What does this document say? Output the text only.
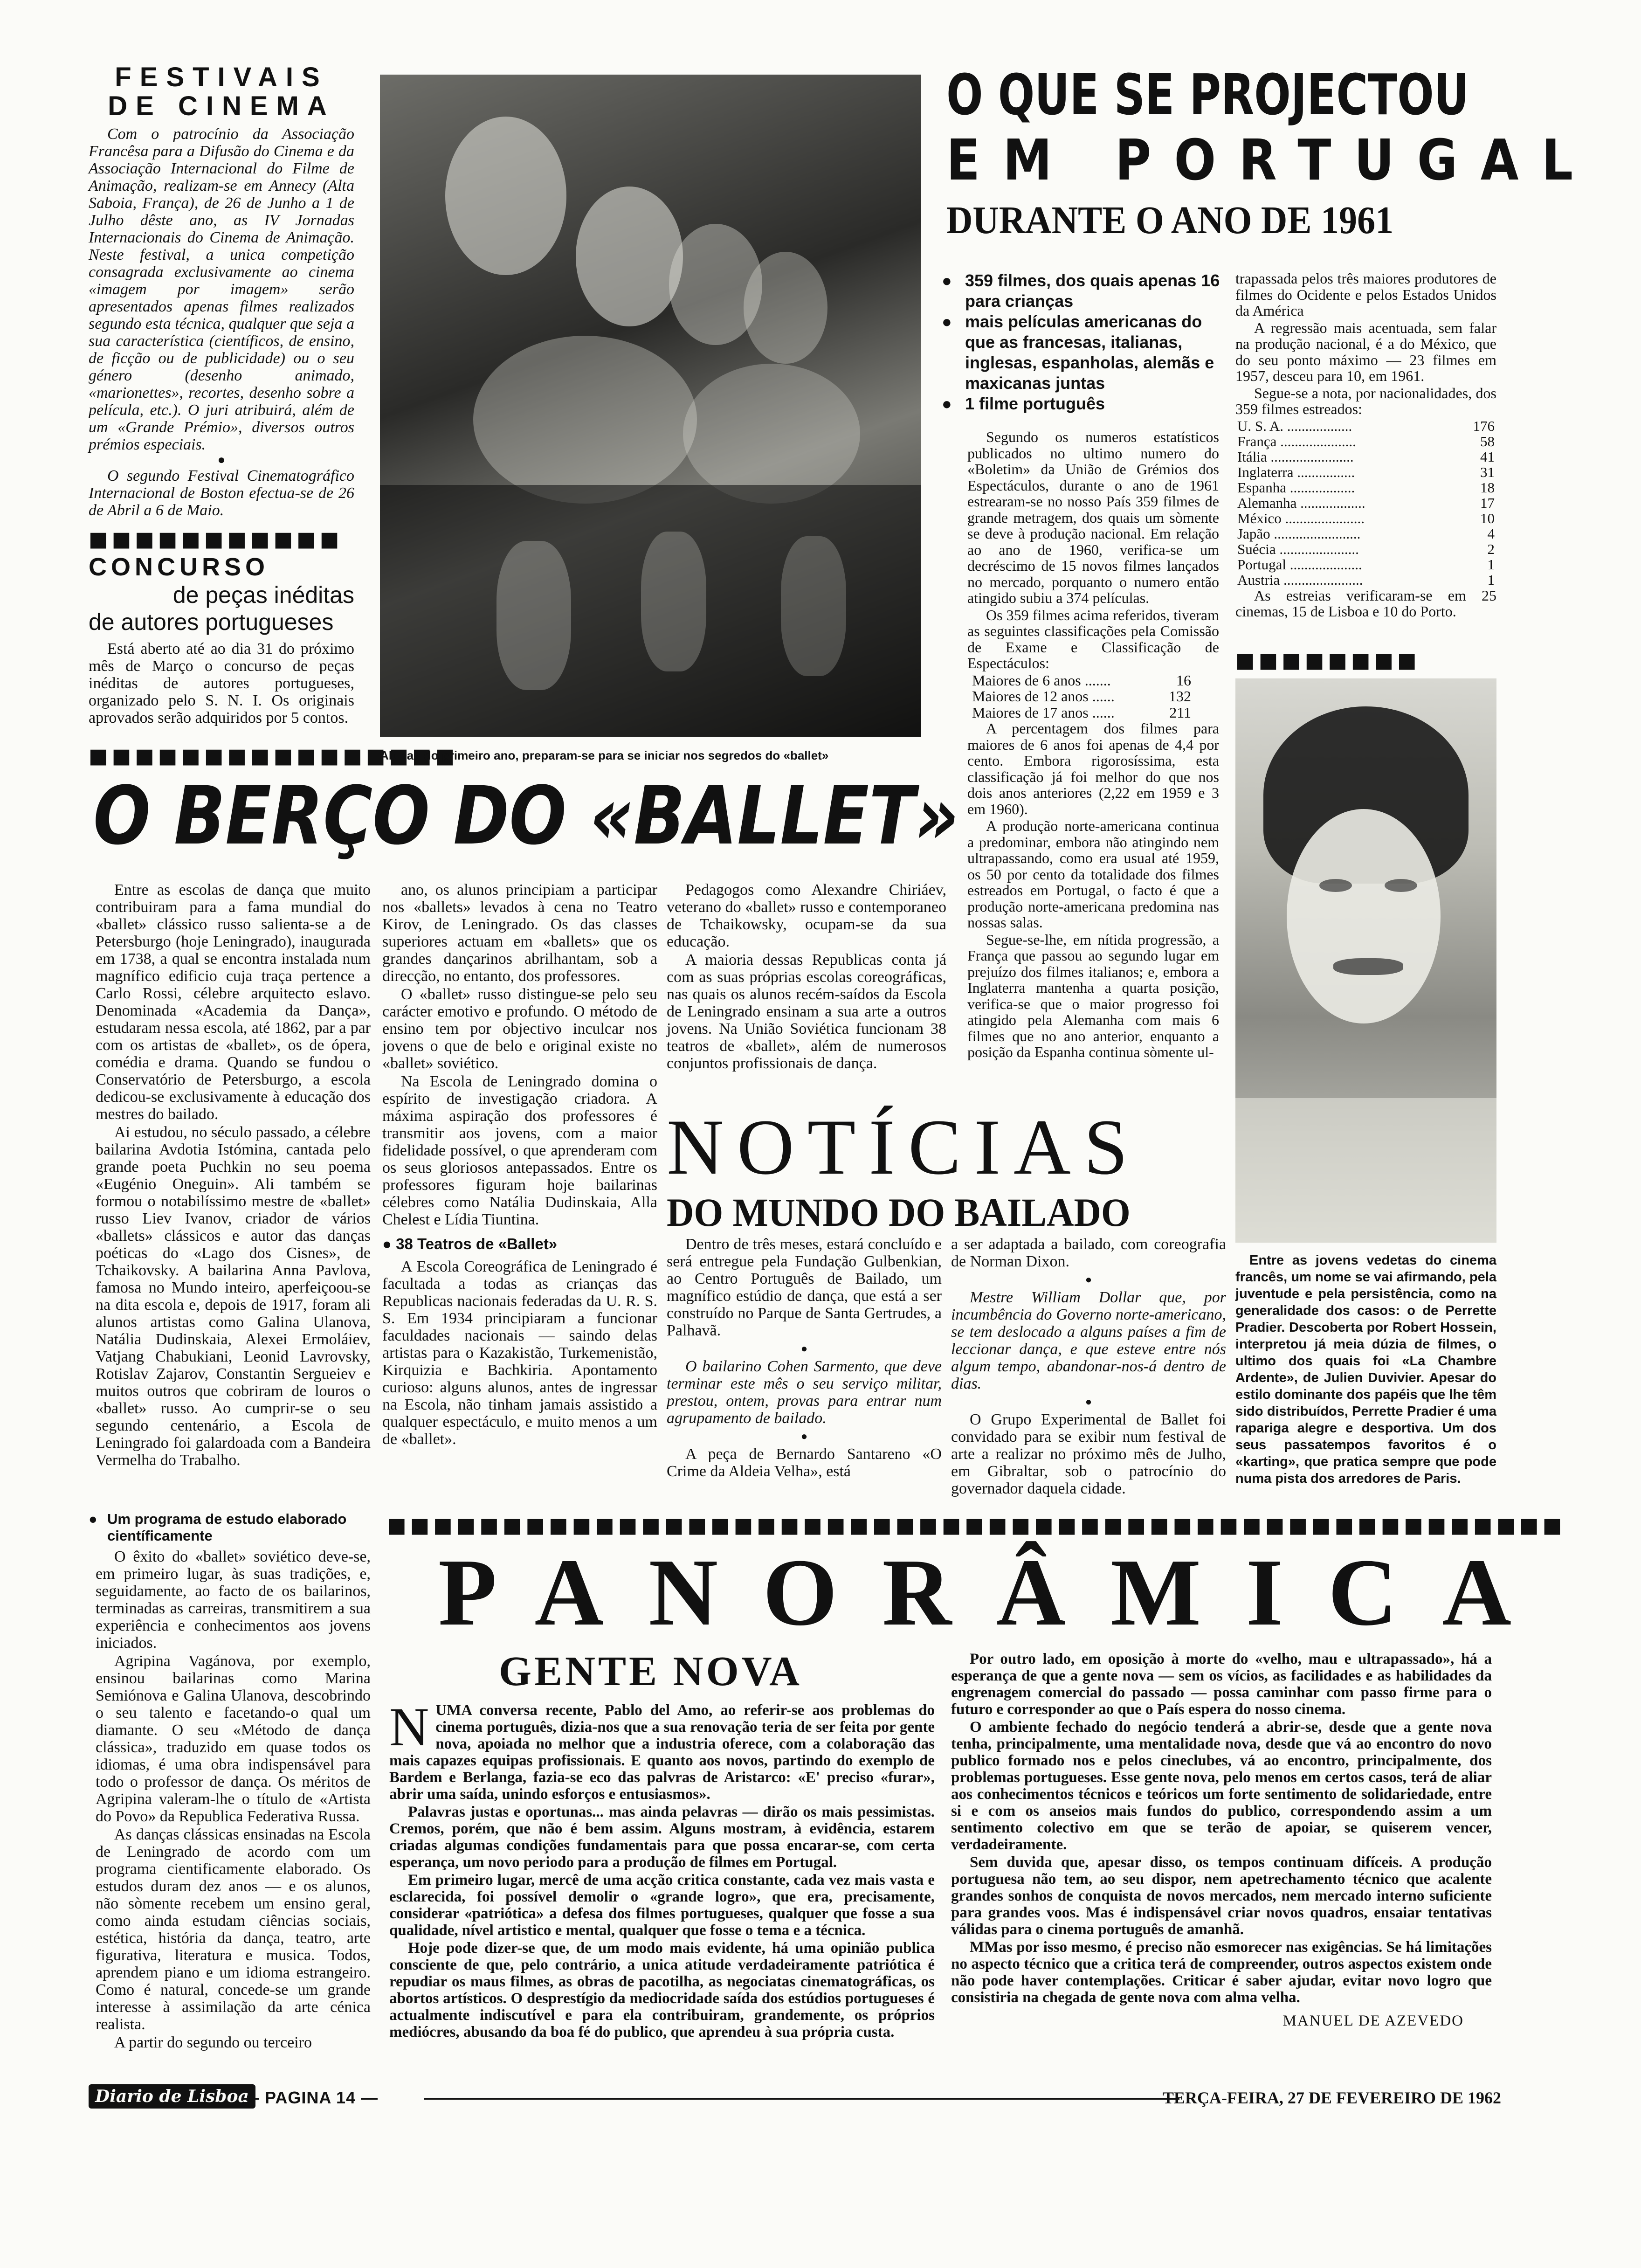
FESTIVAIS
DE CINEMA
Com o patrocínio da Associação Francêsa para a Difusão do Cinema e da Associação Internacional do Filme de Animação, realizam-se em Annecy (Alta Saboia, França), de 26 de Junho a 1 de Julho dêste ano, as IV Jornadas Internacionais do Cinema de Animação. Neste festival, a unica competição consagrada exclusivamente ao cinema «imagem por imagem» serão apresentados apenas filmes realizados segundo esta técnica, qualquer que seja a sua característica (científicos, de ensino, de ficção ou de publicidade) ou o seu género (desenho animado, «marionettes», recortes, desenho sobre a película, etc.). O juri atribuirá, além de um «Grande Prémio», diversos outros prémios especiais.
●
O segundo Festival Cinematográfico Internacional de Boston efectua-se de 26 de Abril a 6 de Maio.
■■■■■■■■■■■
CONCURSO
de peças inéditas
de autores portugueses
Está aberto até ao dia 31 do próximo mês de Março o concurso de peças inéditas de autores portugueses, organizado pelo S. N. I. Os originais aprovados serão adquiridos por 5 contos.
■■■■■■■■■■■■■■■■
Alunas do primeiro ano, preparam-se para se iniciar nos segredos do «ballet»
O BERÇO DO «BALLET»

Entre as escolas de dança que muito contribuiram para a fama mundial do «ballet» clássico russo salienta-se a de Petersburgo (hoje Leningrado), inaugurada em 1738, a qual se encontra instalada num magnífico edificio cuja traça pertence a Carlo Rossi, célebre arquitecto eslavo. Denominada «Academia da Dança», estudaram nessa escola, até 1862, par a par com os artistas de «ballet», os de ópera, comédia e drama. Quando se fundou o Conservatório de Petersburgo, a escola dedicou-se exclusivamente à educação dos mestres do bailado.

Ai estudou, no século passado, a célebre bailarina Avdotia Istómina, cantada pelo grande poeta Puchkin no seu poema «Eugénio Oneguin». Ali também se formou o notabilíssimo mestre de «ballet» russo Liev Ivanov, criador de vários «ballets» clássicos e autor das danças poéticas do «Lago dos Cisnes», de Tchaikovsky. A bailarina Anna Pavlova, famosa no Mundo inteiro, aperfeiçoou-se na dita escola e, depois de 1917, foram ali alunos artistas como Galina Ulanova, Natália Dudinskaia, Alexei Ermoláiev, Vatjang Chabukiani, Leonid Lavrovsky, Rotislav Zajarov, Constantin Sergueiev e muitos outros que cobriram de louros o «ballet» russo. Ao cumprir-se o seu segundo centenário, a Escola de Leningrado foi galardoada com a Bandeira Vermelha do Trabalho.

● Um programa de estudo elaborado científicamente

O êxito do «ballet» soviético deve-se, em primeiro lugar, às suas tradições, e, seguidamente, ao facto de os bailarinos, terminadas as carreiras, transmitirem a sua experiência e conhecimentos aos jovens iniciados.

Agripina Vagánova, por exemplo, ensinou bailarinas como Marina Semiónova e Galina Ulanova, descobrindo o seu talento e facetando-o qual um diamante. O seu «Método de dança clássica», traduzido em quase todos os idiomas, é uma obra indispensável para todo o professor de dança. Os méritos de Agripina valeram-lhe o título de «Artista do Povo» da Republica Federativa Russa.

As danças clássicas ensinadas na Escola de Leningrado de acordo com um programa cientificamente elaborado. Os estudos duram dez anos — e os alunos, não sòmente recebem um ensino geral, como ainda estudam ciências sociais, estética, história da dança, teatro, arte figurativa, literatura e musica. Todos, aprendem piano e um idioma estrangeiro. Como é natural, concede-se um grande interesse à assimilação da arte cénica realista.

A partir do segundo ou terceiro

ano, os alunos principiam a participar nos «ballets» levados à cena no Teatro Kirov, de Leningrado. Os das classes superiores actuam em «ballets» que os grandes dançarinos abrilhantam, sob a direcção, no entanto, dos professores.

O «ballet» russo distingue-se pelo seu carácter emotivo e profundo. O método de ensino tem por objectivo inculcar nos jovens o que de belo e original existe no «ballet» soviético.

Na Escola de Leningrado domina o espírito de investigação criadora. A máxima aspiração dos professores é transmitir aos jovens, com a maior fidelidade possível, o que aprenderam com os seus gloriosos antepassados. Entre os professores figuram hoje bailarinas célebres como Natália Dudinskaia, Alla Chelest e Lídia Tiuntina.

● 38 Teatros de «Ballet»

A Escola Coreográfica de Leningrado é facultada a todas as crianças das Republicas nacionais federadas da U. R. S. S. Em 1934 principiaram a funcionar faculdades nacionais — saindo delas artistas para o Kazakistão, Turkemenistão, Kirquizia e Bachkiria. Apontamento curioso: alguns alunos, antes de ingressar na Escola, não tinham jamais assistido a qualquer espectáculo, e muito menos a um de «ballet».

Pedagogos como Alexandre Chiriáev, veterano do «ballet» russo e contemporaneo de Tchaikowsky, ocupam-se da sua educação.

A maioria dessas Republicas conta já com as suas próprias escolas coreográficas, nas quais os alunos recém-saídos da Escola de Leningrado ensinam a sua arte a outros jovens. Na União Soviética funcionam 38 teatros de «ballet», além de numerosos conjuntos profissionais de dança.

O QUE SE PROJECTOU
EM PORTUGAL
DURANTE O ANO DE 1961
● 359 filmes, dos quais apenas 16 para crianças
● mais películas americanas do que as francesas, italianas, inglesas, espanholas, alemãs e maxicanas juntas
● 1 filme português

Segundo os numeros estatísticos publicados no ultimo numero do «Boletim» da União de Grémios dos Espectáculos, durante o ano de 1961 estrearam-se no nosso País 359 filmes de grande metragem, dos quais um sòmente se deve à produção nacional. Em relação ao ano de 1960, verifica-se um decréscimo de 15 novos filmes lançados no mercado, porquanto o numero então atingido subiu a 374 películas.

Os 359 filmes acima referidos, tiveram as seguintes classificações pela Comissão de Exame e Classificação de Espectáculos:

Maiores de 6 anos .......	16
Maiores de 12 anos ......	132
Maiores de 17 anos ......	211

A percentagem dos filmes para maiores de 6 anos foi apenas de 4,4 por cento. Embora rigorosíssima, esta classificação já foi melhor do que nos dois anos anteriores (2,22 em 1959 e 3 em 1960).

A produção norte-americana continua a predominar, embora não atingindo nem ultrapassando, como era usual até 1959, os 50 por cento da totalidade dos filmes estreados em Portugal, o facto é que a produção norte-americana predomina nas nossas salas.

Segue-se-lhe, em nítida progressão, a França que passou ao segundo lugar em prejuízo dos filmes italianos; e, embora a Inglaterra mantenha a quarta posição, verifica-se que o maior progresso foi atingido pela Alemanha com mais 6 filmes que no ano anterior, enquanto a posição da Espanha continua sòmente ul-

trapassada pelos três maiores produtores de filmes do Ocidente e pelos Estados Unidos da América

A regressão mais acentuada, sem falar na produção nacional, é a do México, que do seu ponto máximo — 23 filmes em 1957, desceu para 10, em 1961.

Segue-se a nota, por nacionalidades, dos 359 filmes estreados:

U. S. A. ..................	176
França .....................	58
Itália .......................	41
Inglaterra ................	31
Espanha ..................	18
Alemanha ..................	17
México ......................	10
Japão ........................	4
Suécia ......................	2
Portugal ....................	1
Austria ......................	1

As estreias verificaram-se em 25 cinemas, 15 de Lisboa e 10 do Porto.

■■■■■■■■
Entre as jovens vedetas do cinema francês, um nome se vai afirmando, pela juventude e pela persistência, como na generalidade dos casos: o de Perrette Pradier. Descoberta por Robert Hossein, interpretou já meia dúzia de filmes, o ultimo dos quais foi «La Chambre Ardente», de Julien Duvivier. Apesar do estilo dominante dos papéis que lhe têm sido distribuídos, Perrette Pradier é uma rapariga alegre e desportiva. Um dos seus passatempos favoritos é o «karting», que pratica sempre que pode numa pista dos arredores de Paris.
NOTÍCIAS
DO MUNDO DO BAILADO

Dentro de três meses, estará concluído e será entregue pela Fundação Gulbenkian, ao Centro Português de Bailado, um magnífico estúdio de dança, que está a ser construído no Parque de Santa Gertrudes, a Palhavã.

●

O bailarino Cohen Sarmento, que deve terminar este mês o seu serviço militar, prestou, ontem, provas para entrar num agrupamento de bailado.

●

A peça de Bernardo Santareno «O Crime da Aldeia Velha», está

a ser adaptada a bailado, com coreografia de Norman Dixon.

●

Mestre William Dollar que, por incumbência do Governo norte-americano, se tem deslocado a alguns países a fim de leccionar dança, e que esteve entre nós algum tempo, abandonar-nos-á dentro de dias.

●

O Grupo Experimental de Ballet foi convidado para se exibir num festival de arte a realizar no próximo mês de Julho, em Gibraltar, sob o patrocínio do governador daquela cidade.

■■■■■■■■■■■■■■■■■■■■■■■■■■■■■■■■■■■■■■■■■■■■■■■■■■■
PANORÂMICA
GENTE NOVA

N UMA conversa recente, Pablo del Amo, ao referir-se aos problemas do cinema português, dizia-nos que a sua renovação teria de ser feita por gente nova, apoiada no melhor que a industria oferece, com a colaboração das mais capazes equipas profissionais. E quanto aos novos, partindo do exemplo de Bardem e Berlanga, fazia-se eco das palvras de Aristarco: «E' preciso «furar», abrir uma saída, unindo esforços e entusiasmos».

Palavras justas e oportunas... mas ainda pelavras — dirão os mais pessimistas. Cremos, porém, que não é bem assim. Alguns mostram, à evidência, estarem criadas algumas condições fundamentais para que possa encarar-se, com certa esperança, um novo periodo para a produção de filmes em Portugal.

Em primeiro lugar, mercê de uma acção critica constante, cada vez mais vasta e esclarecida, foi possível demolir o «grande logro», que era, precisamente, considerar «patriótica» a defesa dos filmes portugueses, qualquer que fosse a sua qualidade, nível artistico e mental, qualquer que fosse o tema e a técnica.

Hoje pode dizer-se que, de um modo mais evidente, há uma opinião publica consciente de que, pelo contrário, a unica atitude verdadeiramente patriótica é repudiar os maus filmes, as obras de pacotilha, as negociatas cinematográficas, os abortos artísticos. O desprestígio da mediocridade saída dos estúdios portugueses é actualmente indiscutível e para ela contribuiram, grandemente, os próprios mediócres, abusando da boa fé do publico, que aprendeu à sua própria custa.

Por outro lado, em oposição à morte do «velho, mau e ultrapassado», há a esperança de que a gente nova — sem os vícios, as facilidades e as habilidades da engrenagem comercial do passado — possa caminhar com passo firme para o futuro e corresponder ao que o País espera do nosso cinema.

O ambiente fechado do negócio tenderá a abrir-se, desde que a gente nova tenha, principalmente, uma mentalidade nova, desde que vá ao encontro do novo publico formado nos e pelos cineclubes, vá ao encontro, principalmente, dos problemas portugueses. Esse gente nova, pelo menos em certos casos, terá de aliar aos conhecimentos técnicos e teóricos um forte sentimento de solidariedade, entre si e com os anseios mais fundos do publico, correspondendo assim a um sentimento colectivo em que se terão de apoiar, se quiserem vencer, verdadeiramente.

Sem duvida que, apesar disso, os tempos continuam difíceis. A produção portuguesa não tem, ao seu dispor, nem apetrechamento técnico que acalente grandes sonhos de conquista de novos mercados, nem mercado interno suficiente para grandes voos. Mas é indispensável criar novos quadros, ensaiar tentativas válidas para o cinema português de amanhã.

MMas por isso mesmo, é preciso não esmorecer nas exigências. Se há limitações no aspecto técnico que a critica terá de compreender, outros aspectos existem onde não pode haver contemplações. Criticar é saber ajudar, evitar novo logro que consistiria na chegada de gente nova com alma velha.

MANUEL DE AZEVEDO
Diario de Lisboa
— PAGINA 14 —	TERÇA-FEIRA, 27 DE FEVEREIRO DE 1962
